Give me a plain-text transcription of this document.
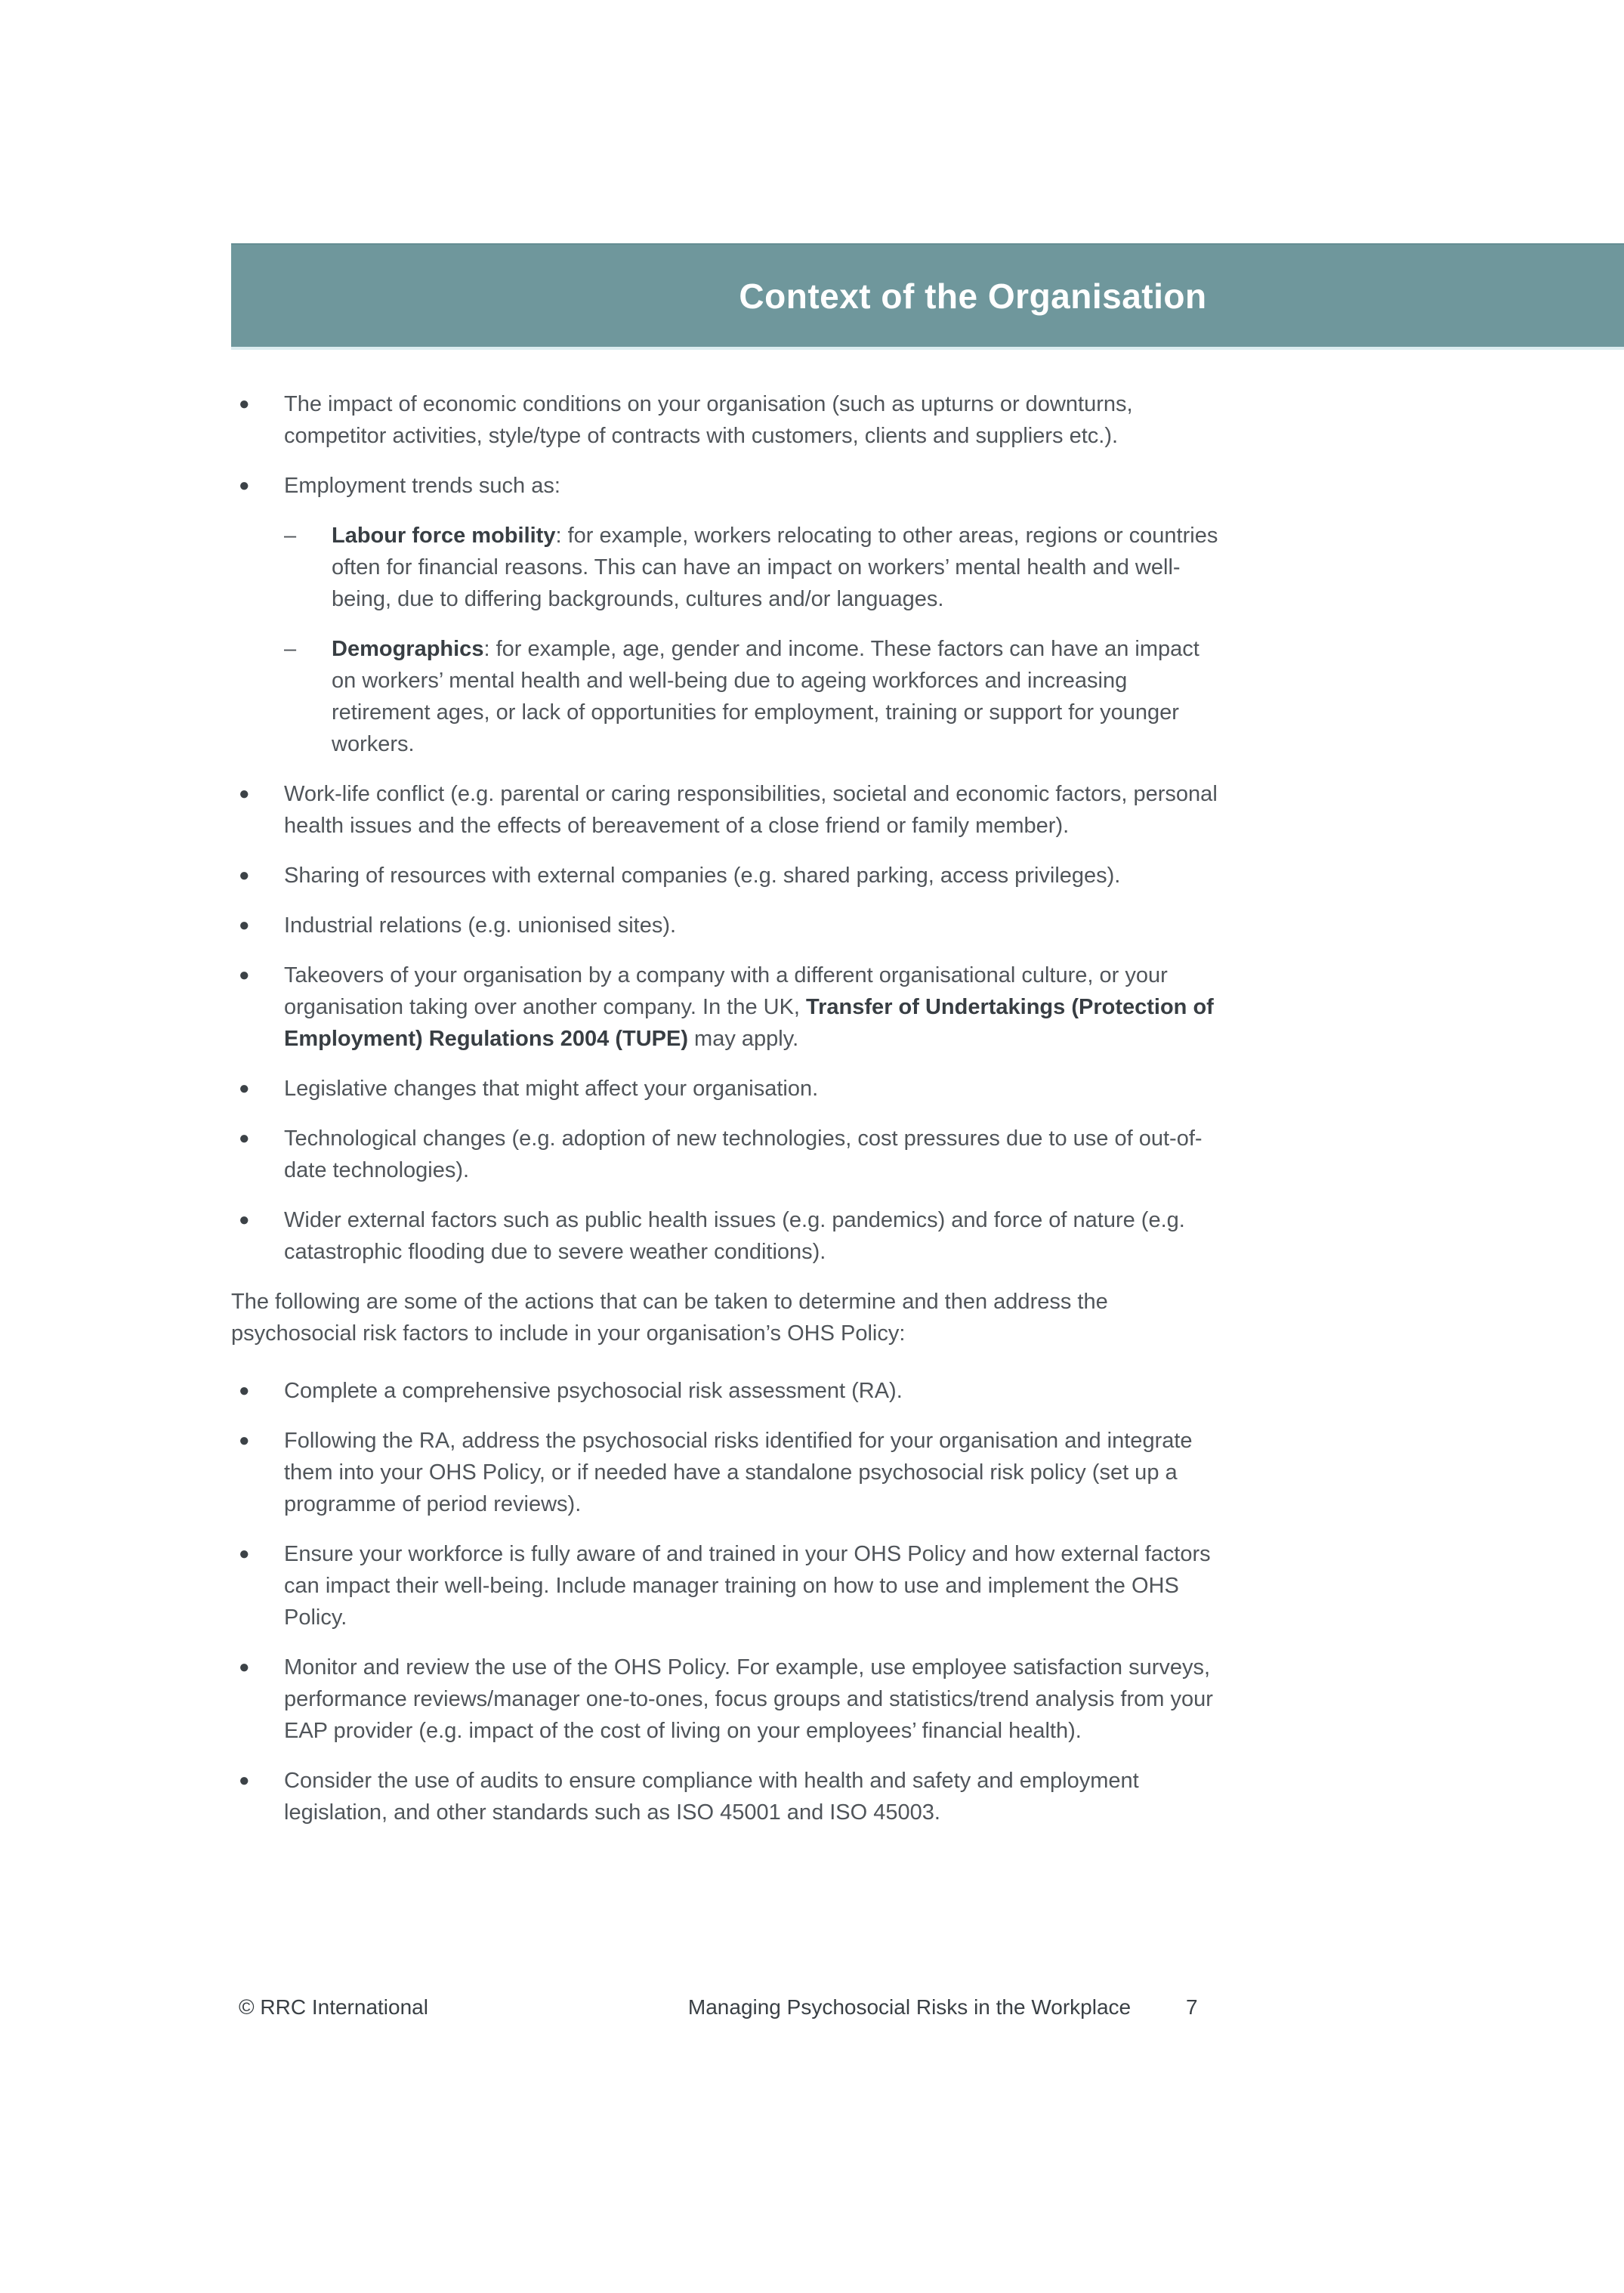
Context of the Organisation
●	The impact of economic conditions on your organisation (such as upturns or downturns, competitor activities, style/type of contracts with customers, clients and suppliers etc.).
●	Employment trends such as:
–	Labour force mobility: for example, workers relocating to other areas, regions or countries often for financial reasons. This can have an impact on workers’ mental health and well-being, due to differing backgrounds, cultures and/or languages.
–	Demographics: for example, age, gender and income. These factors can have an impact on workers’ mental health and well-being due to ageing workforces and increasing retirement ages, or lack of opportunities for employment, training or support for younger workers.
●	Work-life conflict (e.g. parental or caring responsibilities, societal and economic factors, personal health issues and the effects of bereavement of a close friend or family member).
●	Sharing of resources with external companies (e.g. shared parking, access privileges).
●	Industrial relations (e.g. unionised sites).
●	Takeovers of your organisation by a company with a different organisational culture, or your organisation taking over another company. In the UK, Transfer of Undertakings (Protection of Employment) Regulations 2004 (TUPE) may apply.
●	Legislative changes that might affect your organisation.
●	Technological changes (e.g. adoption of new technologies, cost pressures due to use of out-of-date technologies).
●	Wider external factors such as public health issues (e.g. pandemics) and force of nature (e.g. catastrophic flooding due to severe weather conditions).

The following are some of the actions that can be taken to determine and then address the psychosocial risk factors to include in your organisation’s OHS Policy:

●	Complete a comprehensive psychosocial risk assessment (RA).
●	Following the RA, address the psychosocial risks identified for your organisation and integrate them into your OHS Policy, or if needed have a standalone psychosocial risk policy (set up a programme of period reviews).
●	Ensure your workforce is fully aware of and trained in your OHS Policy and how external factors can impact their well-being. Include manager training on how to use and implement the OHS Policy.
●	Monitor and review the use of the OHS Policy. For example, use employee satisfaction surveys, performance reviews/manager one-to-ones, focus groups and statistics/trend analysis from your EAP provider (e.g. impact of the cost of living on your employees’ financial health).
●	Consider the use of audits to ensure compliance with health and safety and employment legislation, and other standards such as ISO 45001 and ISO 45003.
© RRC International	Managing Psychosocial Risks in the Workplace	7
